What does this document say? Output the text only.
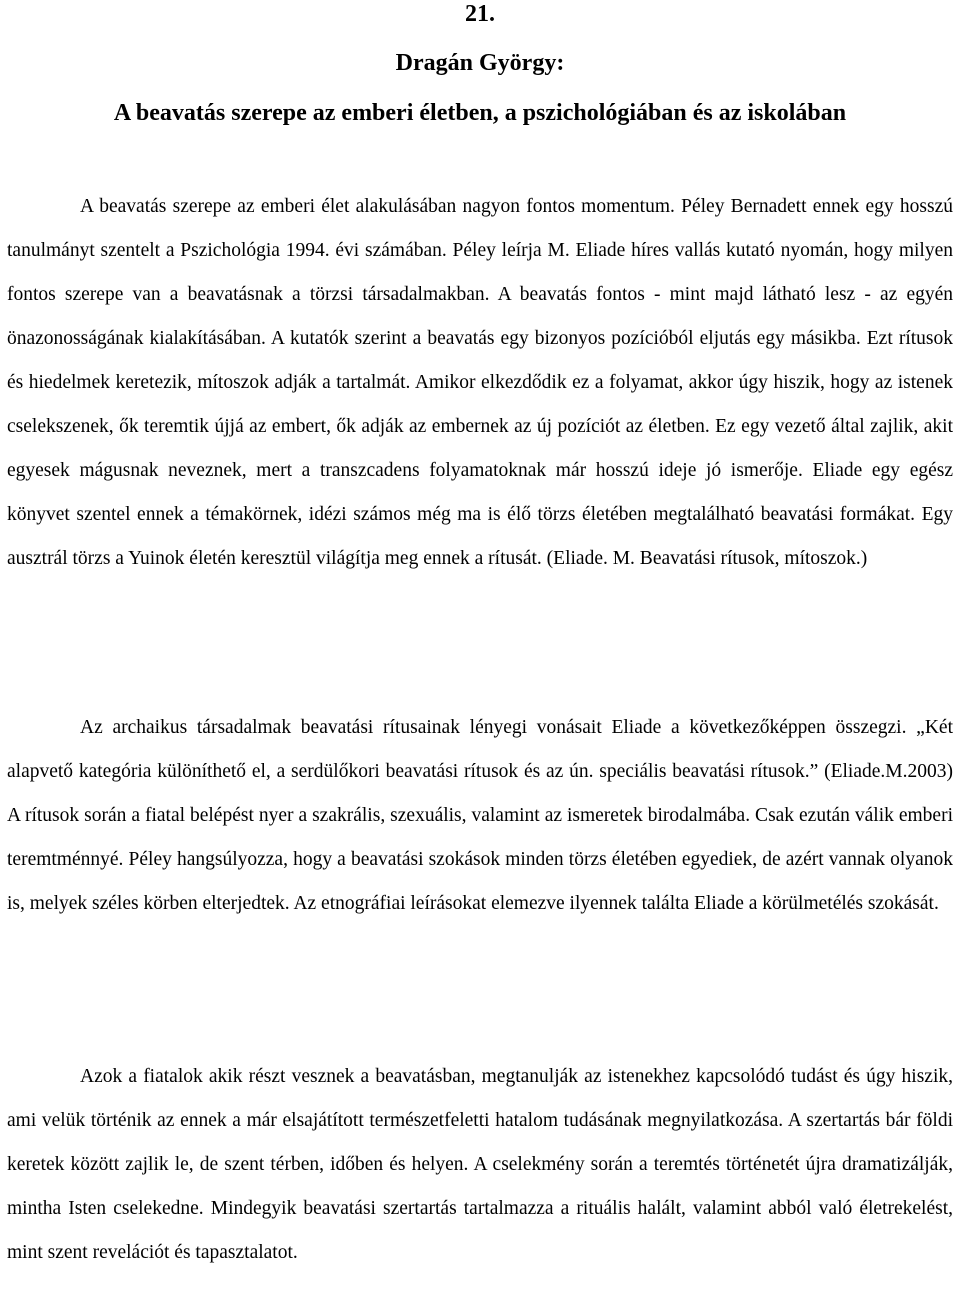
21.
Dragán György:
A beavatás szerepe az emberi életben, a pszichológiában és az iskolában

A beavatás szerepe az emberi élet alakulásában nagyon fontos momentum. Péley Bernadett ennek egy hosszú tanulmányt szentelt a Pszichológia 1994. évi számában. Péley leírja M. Eliade híres vallás kutató nyomán, hogy milyen fontos szerepe van a beavatásnak a törzsi társadalmakban. A beavatás fontos - mint majd látható lesz - az egyén önazonosságának kialakításában. A kutatók szerint a beavatás egy bizonyos pozícióból eljutás egy másikba. Ezt rítusok és hiedelmek keretezik, mítoszok adják a tartalmát. Amikor elkezdődik ez a folyamat, akkor úgy hiszik, hogy az istenek cselekszenek, ők teremtik újjá az embert, ők adják az embernek az új pozíciót az életben. Ez egy vezető által zajlik, akit egyesek mágusnak neveznek, mert a transzcadens folyamatoknak már hosszú ideje jó ismerője. Eliade egy egész könyvet szentel ennek a témakörnek, idézi számos még ma is élő törzs életében megtalálható beavatási formákat. Egy ausztrál törzs a Yuinok életén keresztül világítja meg ennek a rítusát. (Eliade. M. Beavatási rítusok, mítoszok.)

Az archaikus társadalmak beavatási rítusainak lényegi vonásait Eliade a következőképpen összegzi. „Két alapvető kategória különíthető el, a serdülőkori beavatási rítusok és az ún. speciális beavatási rítusok.” (Eliade.M.2003) A rítusok során a fiatal belépést nyer a szakrális, szexuális, valamint az ismeretek birodalmába. Csak ezután válik emberi teremtménnyé. Péley hangsúlyozza, hogy a beavatási szokások minden törzs életében egyediek, de azért vannak olyanok is, melyek széles körben elterjedtek. Az etnográfiai leírásokat elemezve ilyennek találta Eliade a körülmetélés szokását.

Azok a fiatalok akik részt vesznek a beavatásban, megtanulják az istenekhez kapcsolódó tudást és úgy hiszik, ami velük történik az ennek a már elsajátított természetfeletti hatalom tudásának megnyilatkozása. A szertartás bár földi keretek között zajlik le, de szent térben, időben és helyen. A cselekmény során a teremtés történetét újra dramatizálják, mintha Isten cselekedne. Mindegyik beavatási szertartás tartalmazza a rituális halált, valamint abból való életrekelést, mint szent revelációt és tapasztalatot.
